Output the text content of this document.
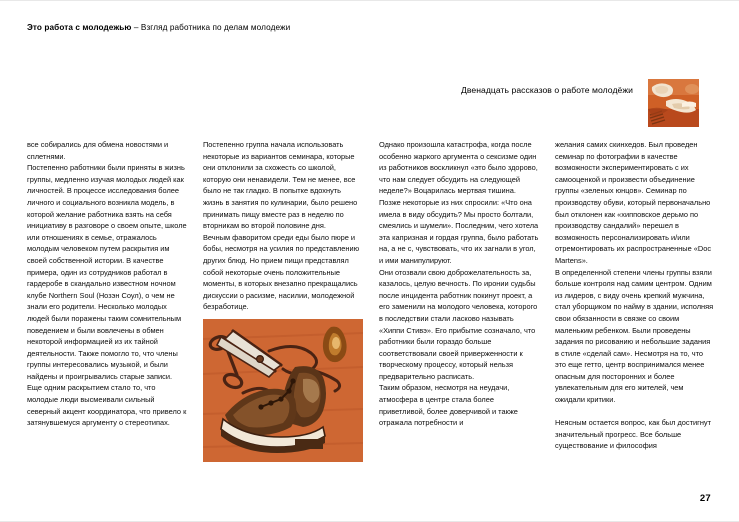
Это работа с молодежью – Взгляд работника по делам молодежи
Двенадцать рассказов о работе молодёжи

все собирались для обмена новостями и сплетнями.

Постепенно работники были приняты в жизнь группы, медленно изучая молодых людей как личностей. В процессе исследования более личного и социального возникла модель, в которой желание работника взять на себя инициативу в разговоре о своем опыте, школе или отношениях в семье, отражалось молодым человеком путем раскрытия им своей собственной истории. В качестве примера, один из сотрудников работал в гардеробе в скандально известном ночном клубе Northern Soul (Нозэн Соул), о чем не знали его родители. Несколько молодых людей были поражены таким сомнительным поведением и были вовлечены в обмен некоторой информацией из их тайной деятельности. Также помогло то, что члены группы интересовались музыкой, и были найдены и проигрывались старые записи. Еще одним раскрытием стало то, что молодые люди высмеивали сильный северный акцент координатора, что привело к затянувшемуся аргументу о стереотипах.

Постепенно группа начала использовать некоторые из вариантов семинара, которые они отклонили за схожесть со школой, которую они ненавидели. Тем не менее, все было не так гладко. В попытке вдохнуть жизнь в занятия по кулинарии, было решено принимать пищу вместе раз в неделю по вторникам во второй половине дня.

Вечным фаворитом среди еды было пюре и бобы, несмотря на усилия по представлению других блюд. Но прием пищи представлял собой некоторые очень положительные моменты, в которых внезапно прекращались дискуссии о расизме, насилии, молодежной безработице.

Однако произошла катастрофа, когда после особенно жаркого аргумента о сексизме один из работников воскликнул «это было здорово, что нам следует обсудить на следующей неделе?» Воцарилась мертвая тишина. Позже некоторые из них спросили: «Что она имела в виду обсудить? Мы просто болтали, смеялись и шумели». Последним, чего хотела эта капризная и гордая группа, было работать на, а не с, чувствовать, что их загнали в угол, и ими манипулируют.

Они отозвали свою доброжелательность за, казалось, целую вечность. По иронии судьбы после инцидента работник покинут проект, а его заменили на молодого человека, которого в последствии стали ласково называть «Хиппи Стивэ». Его прибытие созначало, что работники были гораздо больше соответствовали своей приверженности к творческому процессу, который нельзя предварительно расписать.

Таким образом, несмотря на неудачи, атмосфера в центре стала более приветливой, более доверчивой и также отражала потребности и

желания самих скинхедов. Был проведен семинар по фотографии в качестве возможности экспериментировать с их самооценкой и произвести объединение группы «зеленых юнцов». Семинар по производству обуви, который первоначально был отклонен как «хипповское дерьмо по производству сандалий» перешел в возможность персонализировать и/или отремонтировать их распространенные «Doc Martens».

В определенной степени члены группы взяли больше контроля над самим центром. Одним из лидеров, с виду очень крепкий мужчина, стал уборщиком по найму в здании, исполняя свои обязанности в связке со своим маленьким ребенком. Были проведены задания по рисованию и небольшие задания в стиле «сделай сам». Несмотря на то, что это еще гетто, центр воспринимался менее опасным для посторонних и более увлекательным для его жителей, чем ожидали критики.

Неясным остается вопрос, как был достигнут значительный прогресс. Все больше существование и философия

27
